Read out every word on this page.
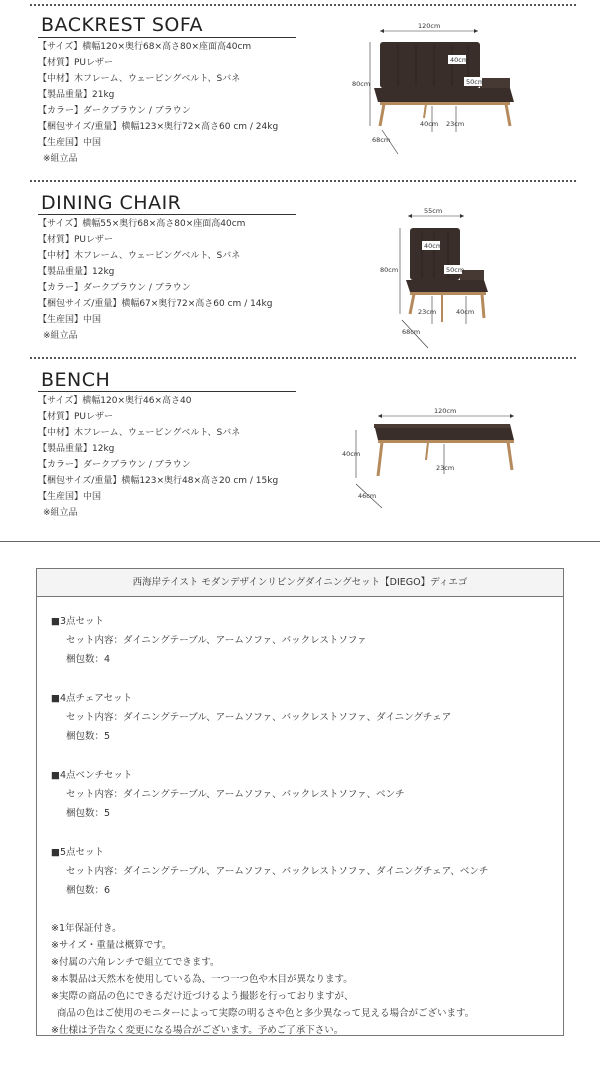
BACKREST SOFA
【サイズ】横幅120×奥行68×高さ80×座面高40cm
【材質】PUレザー
【中材】木フレーム、ウェービングベルト、Sバネ
【製品重量】21kg
【カラー】ダークブラウン / ブラウン
【梱包サイズ/重量】横幅123×奥行72×高さ60 cm / 24kg
【生産国】中国
※組立品
120cm
80cm
40cm
50cm
40cm 23cm
68cm
DINING CHAIR
【サイズ】横幅55×奥行68×高さ80×座面高40cm
【材質】PUレザー
【中材】木フレーム、ウェービングベルト、Sバネ
【製品重量】12kg
【カラー】ダークブラウン / ブラウン
【梱包サイズ/重量】横幅67×奥行72×高さ60 cm / 14kg
【生産国】中国
※組立品
55cm
80cm
40cm
50cm
23cm	40cm
68cm
BENCH
【サイズ】横幅120×奥行46×高さ40
【材質】PUレザー
【中材】木フレーム、ウェービングベルト、Sバネ
【製品重量】12kg
【カラー】ダークブラウン / ブラウン
【梱包サイズ/重量】横幅123×奥行48×高さ20 cm / 15kg
【生産国】中国
※組立品
120cm
40cm
23cm
46cm
西海岸テイスト モダンデザインリビングダイニングセット【DIEGO】ディエゴ
■3点セット
セット内容：ダイニングテーブル、アームソファ、バックレストソファ
梱包数：4
■4点チェアセット
セット内容：ダイニングテーブル、アームソファ、バックレストソファ、ダイニングチェア
梱包数：5
■4点ベンチセット
セット内容：ダイニングテーブル、アームソファ、バックレストソファ、ベンチ
梱包数：5
■5点セット
セット内容：ダイニングテーブル、アームソファ、バックレストソファ、ダイニングチェア、ベンチ
梱包数：6
※1年保証付き。
※サイズ・重量は概算です。
※付属の六角レンチで組立てできます。
※本製品は天然木を使用している為、一つ一つ色や木目が異なります。
※実際の商品の色にできるだけ近づけるよう撮影を行っておりますが、
商品の色はご使用のモニターによって実際の明るさや色と多少異なって見える場合がございます。
※仕様は予告なく変更になる場合がございます。予めご了承下さい。
